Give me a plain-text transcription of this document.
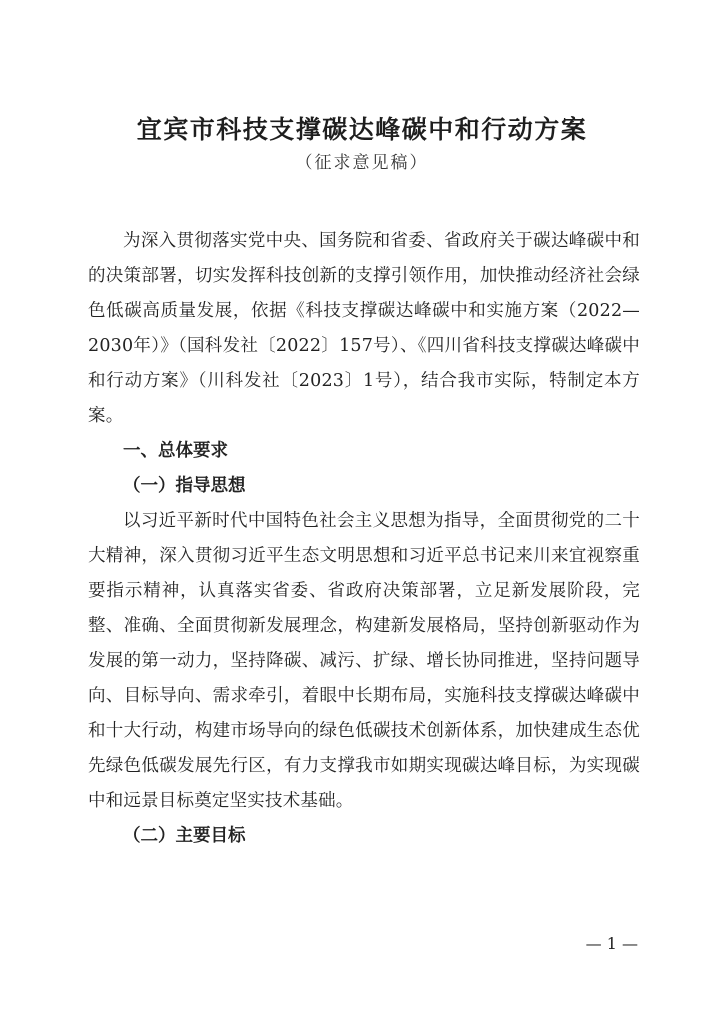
宜宾市科技支撑碳达峰碳中和行动方案
（征求意见稿）

为深入贯彻落实党中央、国务院和省委、省政府关于碳达峰碳中和的决策部署，切实发挥科技创新的支撑引领作用，加快推动经济社会绿色低碳高质量发展，依据《科技支撑碳达峰碳中和实施方案（2022—2030年）》（国科发社〔2022〕157号）、《四川省科技支撑碳达峰碳中和行动方案》（川科发社〔2023〕1号），结合我市实际，特制定本方案。

一、总体要求

（一）指导思想

以习近平新时代中国特色社会主义思想为指导，全面贯彻党的二十大精神，深入贯彻习近平生态文明思想和习近平总书记来川来宜视察重要指示精神，认真落实省委、省政府决策部署，立足新发展阶段，完整、准确、全面贯彻新发展理念，构建新发展格局，坚持创新驱动作为发展的第一动力，坚持降碳、减污、扩绿、增长协同推进，坚持问题导向、目标导向、需求牵引，着眼中长期布局，实施科技支撑碳达峰碳中和十大行动，构建市场导向的绿色低碳技术创新体系，加快建成生态优先绿色低碳发展先行区，有力支撑我市如期实现碳达峰目标，为实现碳中和远景目标奠定坚实技术基础。

（二）主要目标

— 1 —
